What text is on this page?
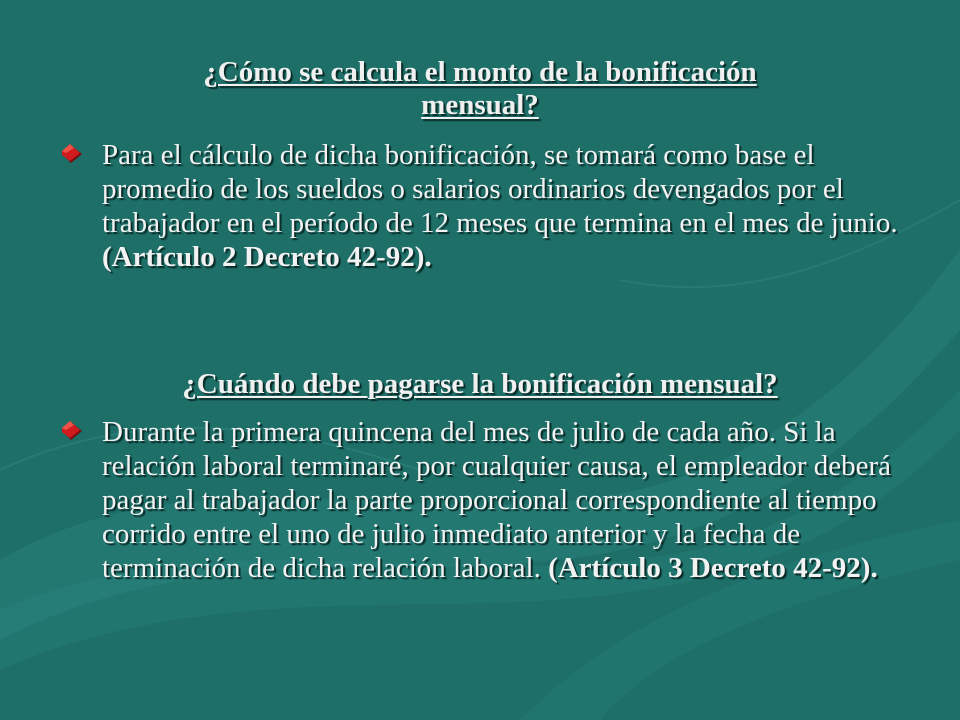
¿Cómo se calcula el monto de la bonificación
mensual?

Para el cálculo de dicha bonificación, se tomará como base el promedio de los sueldos o salarios ordinarios devengados por el trabajador en el período de 12 meses que termina en el mes de junio. (Artículo 2 Decreto 42-92).

¿Cuándo debe pagarse la bonificación mensual?

Durante la primera quincena del mes de julio de cada año. Si la relación laboral terminaré, por cualquier causa, el empleador deberá pagar al trabajador la parte proporcional correspondiente al tiempo corrido entre el uno de julio inmediato anterior y la fecha de terminación de dicha relación laboral. (Artículo 3 Decreto 42-92).
